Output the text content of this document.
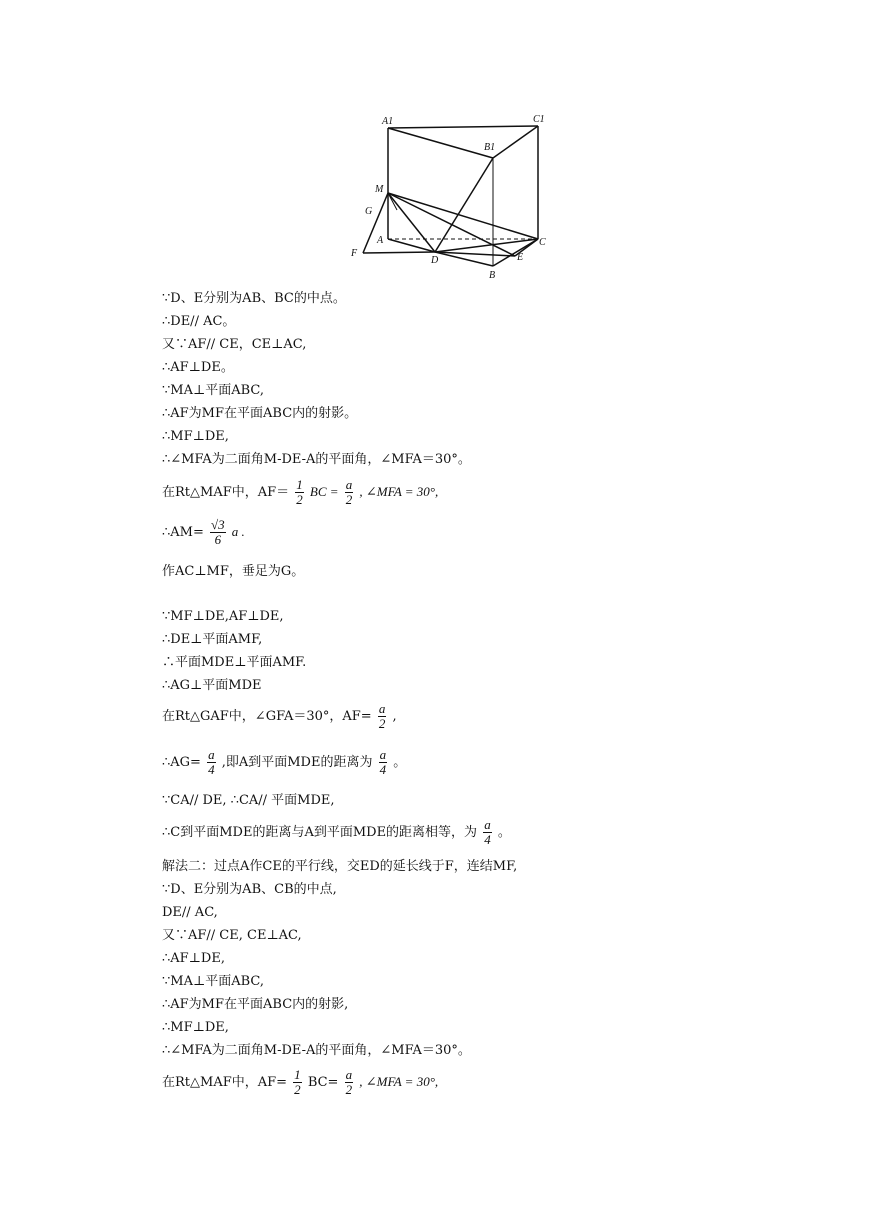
A1
B1
C1
M
G
A	C
F
D	E
B
∵D、E分别为AB、BC的中点。
∴DE// AC。
又∵AF// CE，CE⊥AC,
∴AF⊥DE。
∵MA⊥平面ABC,
∴AF为MF在平面ABC内的射影。
∴MF⊥DE,
∴∠MFA为二面角M-DE-A的平面角，∠MFA＝30°。
在Rt△MAF中，$AF= \frac{1}{2}$ BC = $\frac{a}{2}$ , ∠MFA = 30°,
∴AM= $\frac{√3}{6}$ a .
作AC⊥MF，垂足为G。
∵MF⊥DE,AF⊥DE,
∴DE⊥平面AMF,
∴平面MDE⊥平面AMF.
∴AG⊥平面MDE
在Rt△GAF中，∠GFA＝30°，$AF= \frac{a}{2}$ ,
∴AG= $\frac{a}{4}$ ,即A到平面MDE的距离为 $\frac{a}{4}$ 。
∵CA// DE, ∴CA// 平面MDE,
∴C到平面MDE的距离与A到平面MDE的距离相等，为 $\frac{a}{4}$ 。
解法二：过点A作CE的平行线，交ED的延长线于F，连结MF,
∵D、E分别为AB、CB的中点,
DE// AC,
又∵AF// CE, CE⊥AC,
∴AF⊥DE,
∵MA⊥平面ABC,
∴AF为MF在平面ABC内的射影,
∴MF⊥DE,
∴∠MFA为二面角M-DE-A的平面角，∠MFA＝30°。
在Rt△MAF中，$AF= \frac{1}{2} BC= \frac{a}{2}$ , ∠MFA = 30°,
